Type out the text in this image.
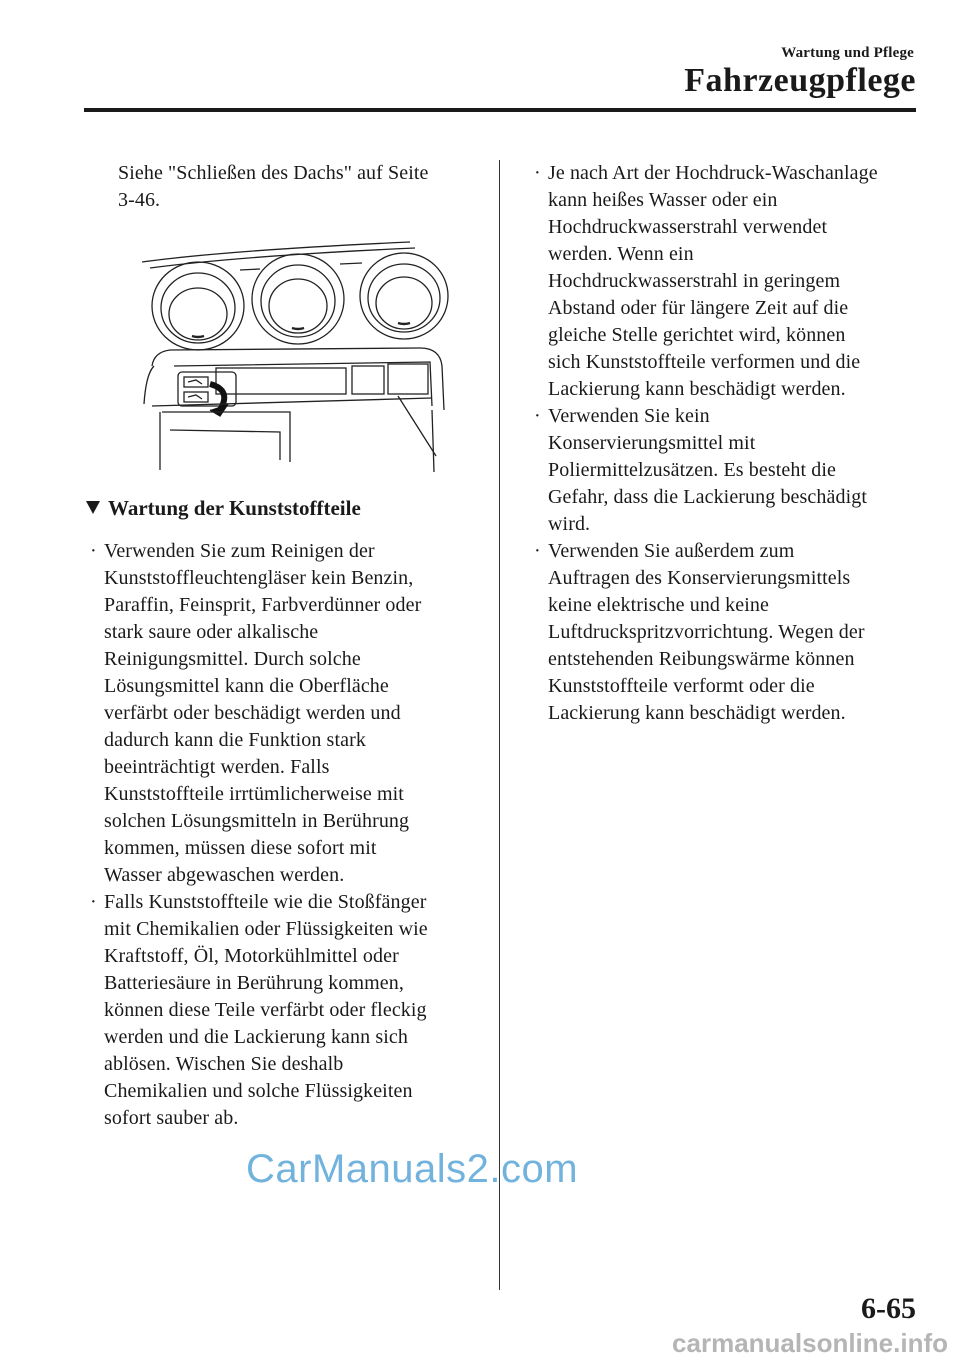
Wartung und Pflege
Fahrzeugpflege
Siehe "Schließen des Dachs" auf Seite
3-46.
Wartung der Kunststoffteile
· Verwenden Sie zum Reinigen der
Kunststoffleuchtengläser kein Benzin,
Paraffin, Feinsprit, Farbverdünner oder
stark saure oder alkalische
Reinigungsmittel. Durch solche
Lösungsmittel kann die Oberfläche
verfärbt oder beschädigt werden und
dadurch kann die Funktion stark
beeinträchtigt werden. Falls
Kunststoffteile irrtümlicherweise mit
solchen Lösungsmitteln in Berührung
kommen, müssen diese sofort mit
Wasser abgewaschen werden.
· Falls Kunststoffteile wie die Stoßfänger
mit Chemikalien oder Flüssigkeiten wie
Kraftstoff, Öl, Motorkühlmittel oder
Batteriesäure in Berührung kommen,
können diese Teile verfärbt oder fleckig
werden und die Lackierung kann sich
ablösen. Wischen Sie deshalb
Chemikalien und solche Flüssigkeiten
sofort sauber ab.
· Je nach Art der Hochdruck-Waschanlage
kann heißes Wasser oder ein
Hochdruckwasserstrahl verwendet
werden. Wenn ein
Hochdruckwasserstrahl in geringem
Abstand oder für längere Zeit auf die
gleiche Stelle gerichtet wird, können
sich Kunststoffteile verformen und die
Lackierung kann beschädigt werden.
· Verwenden Sie kein
Konservierungsmittel mit
Poliermittelzusätzen. Es besteht die
Gefahr, dass die Lackierung beschädigt
wird.
· Verwenden Sie außerdem zum
Auftragen des Konservierungsmittels
keine elektrische und keine
Luftdruckspritzvorrichtung. Wegen der
entstehenden Reibungswärme können
Kunststoffteile verformt oder die
Lackierung kann beschädigt werden.
CarManuals2.com
6-65
carmanualsonline.info
